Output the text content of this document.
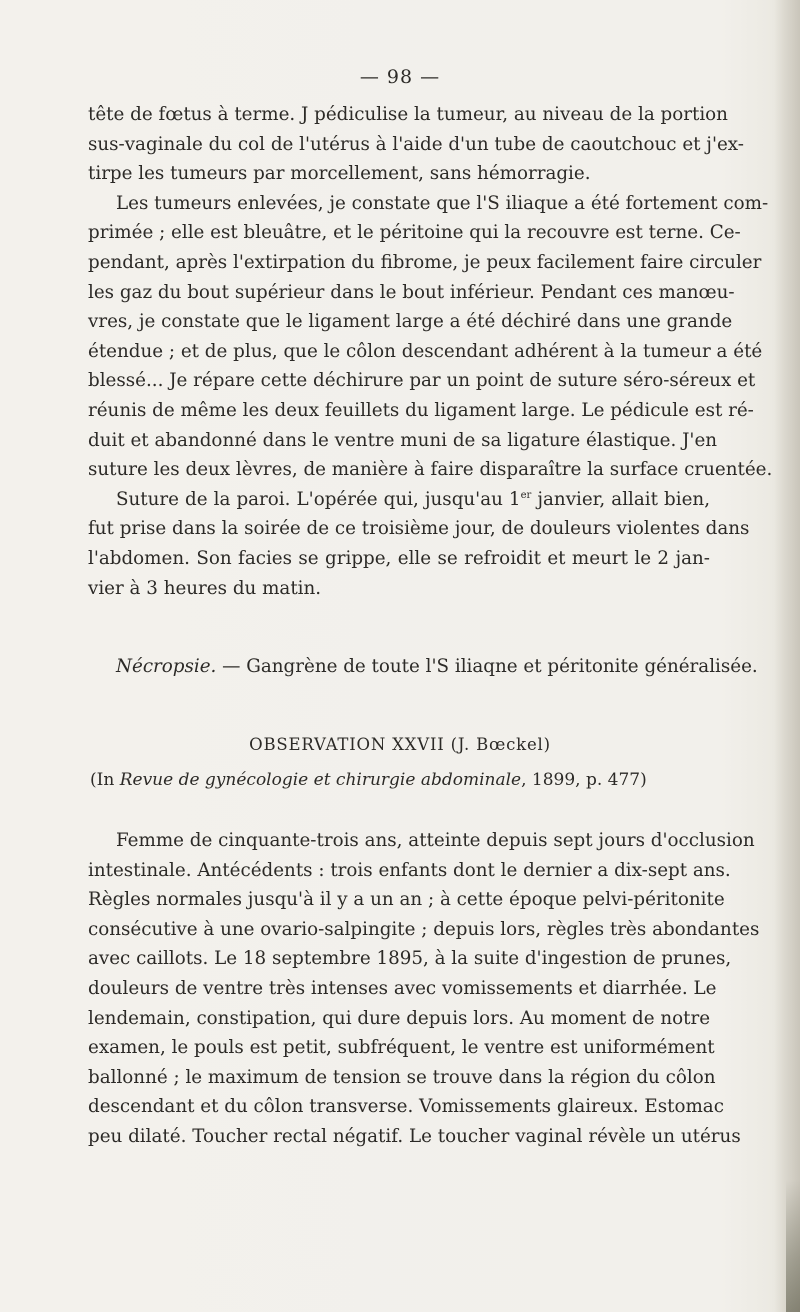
— 98 —
tête de fœtus à terme. J pédiculise la tumeur, au niveau de la portion
sus-vaginale du col de l'utérus à l'aide d'un tube de caoutchouc et j'ex-
tirpe les tumeurs par morcellement, sans hémorragie.
Les tumeurs enlevées, je constate que l'S iliaque a été fortement com-
primée ; elle est bleuâtre, et le péritoine qui la recouvre est terne. Ce-
pendant, après l'extirpation du fibrome, je peux facilement faire circuler
les gaz du bout supérieur dans le bout inférieur. Pendant ces manœu-
vres, je constate que le ligament large a été déchiré dans une grande
étendue ; et de plus, que le côlon descendant adhérent à la tumeur a été
blessé... Je répare cette déchirure par un point de suture séro-séreux et
réunis de même les deux feuillets du ligament large. Le pédicule est ré-
duit et abandonné dans le ventre muni de sa ligature élastique. J'en
suture les deux lèvres, de manière à faire disparaître la surface cruentée.
Suture de la paroi. L'opérée qui, jusqu'au 1er janvier, allait bien,
fut prise dans la soirée de ce troisième jour, de douleurs violentes dans
l'abdomen. Son facies se grippe, elle se refroidit et meurt le 2 jan-
vier à 3 heures du matin.
Nécropsie. — Gangrène de toute l'S iliaqne et péritonite généralisée.
OBSERVATION XXVII (J. Bœckel)
(In Revue de gynécologie et chirurgie abdominale, 1899, p. 477)
Femme de cinquante-trois ans, atteinte depuis sept jours d'occlusion
intestinale. Antécédents : trois enfants dont le dernier a dix-sept ans.
Règles normales jusqu'à il y a un an ; à cette époque pelvi-péritonite
consécutive à une ovario-salpingite ; depuis lors, règles très abondantes
avec caillots. Le 18 septembre 1895, à la suite d'ingestion de prunes,
douleurs de ventre très intenses avec vomissements et diarrhée. Le
lendemain, constipation, qui dure depuis lors. Au moment de notre
examen, le pouls est petit, subfréquent, le ventre est uniformément
ballonné ; le maximum de tension se trouve dans la région du côlon
descendant et du côlon transverse. Vomissements glaireux. Estomac
peu dilaté. Toucher rectal négatif. Le toucher vaginal révèle un utérus
